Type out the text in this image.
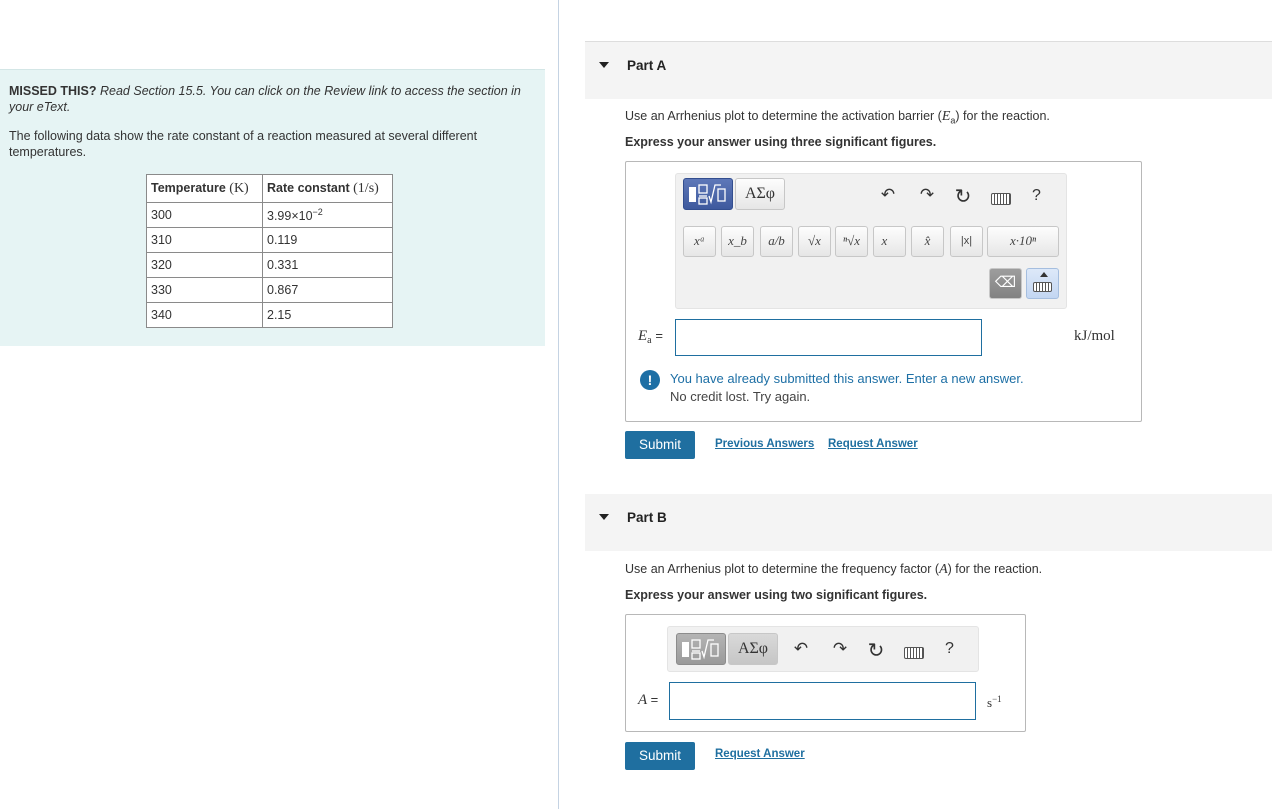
MISSED THIS? Read Section 15.5. You can click on the Review link to access the section in your eText.
The following data show the rate constant of a reaction measured at several different temperatures.
Temperature (K)	Rate constant (1/s)
300	$3.99\times 10^{-2}$
310	0.119
320	0.331
330	0.867
340	2.15
Part A
Use an Arrhenius plot to determine the activation barrier $(E_a)$ for the reaction.
Express your answer using three significant figures.
ΑΣφ	↶ ↷ ↻	?
xᵃ	x_b	a/b	√x	ⁿ√x	x⃗	x̂	|x|	x·10ⁿ
⌫
$E_a$ =	kJ/mol
!	You have already submitted this answer. Enter a new answer.
No credit lost. Try again.
Submit	Previous Answers Request Answer
Part B
Use an Arrhenius plot to determine the frequency factor (A) for the reaction.
Express your answer using two significant figures.
ΑΣφ	↶ ↷ ↻	?
A =	$s^{-1}$
Submit	Request Answer
